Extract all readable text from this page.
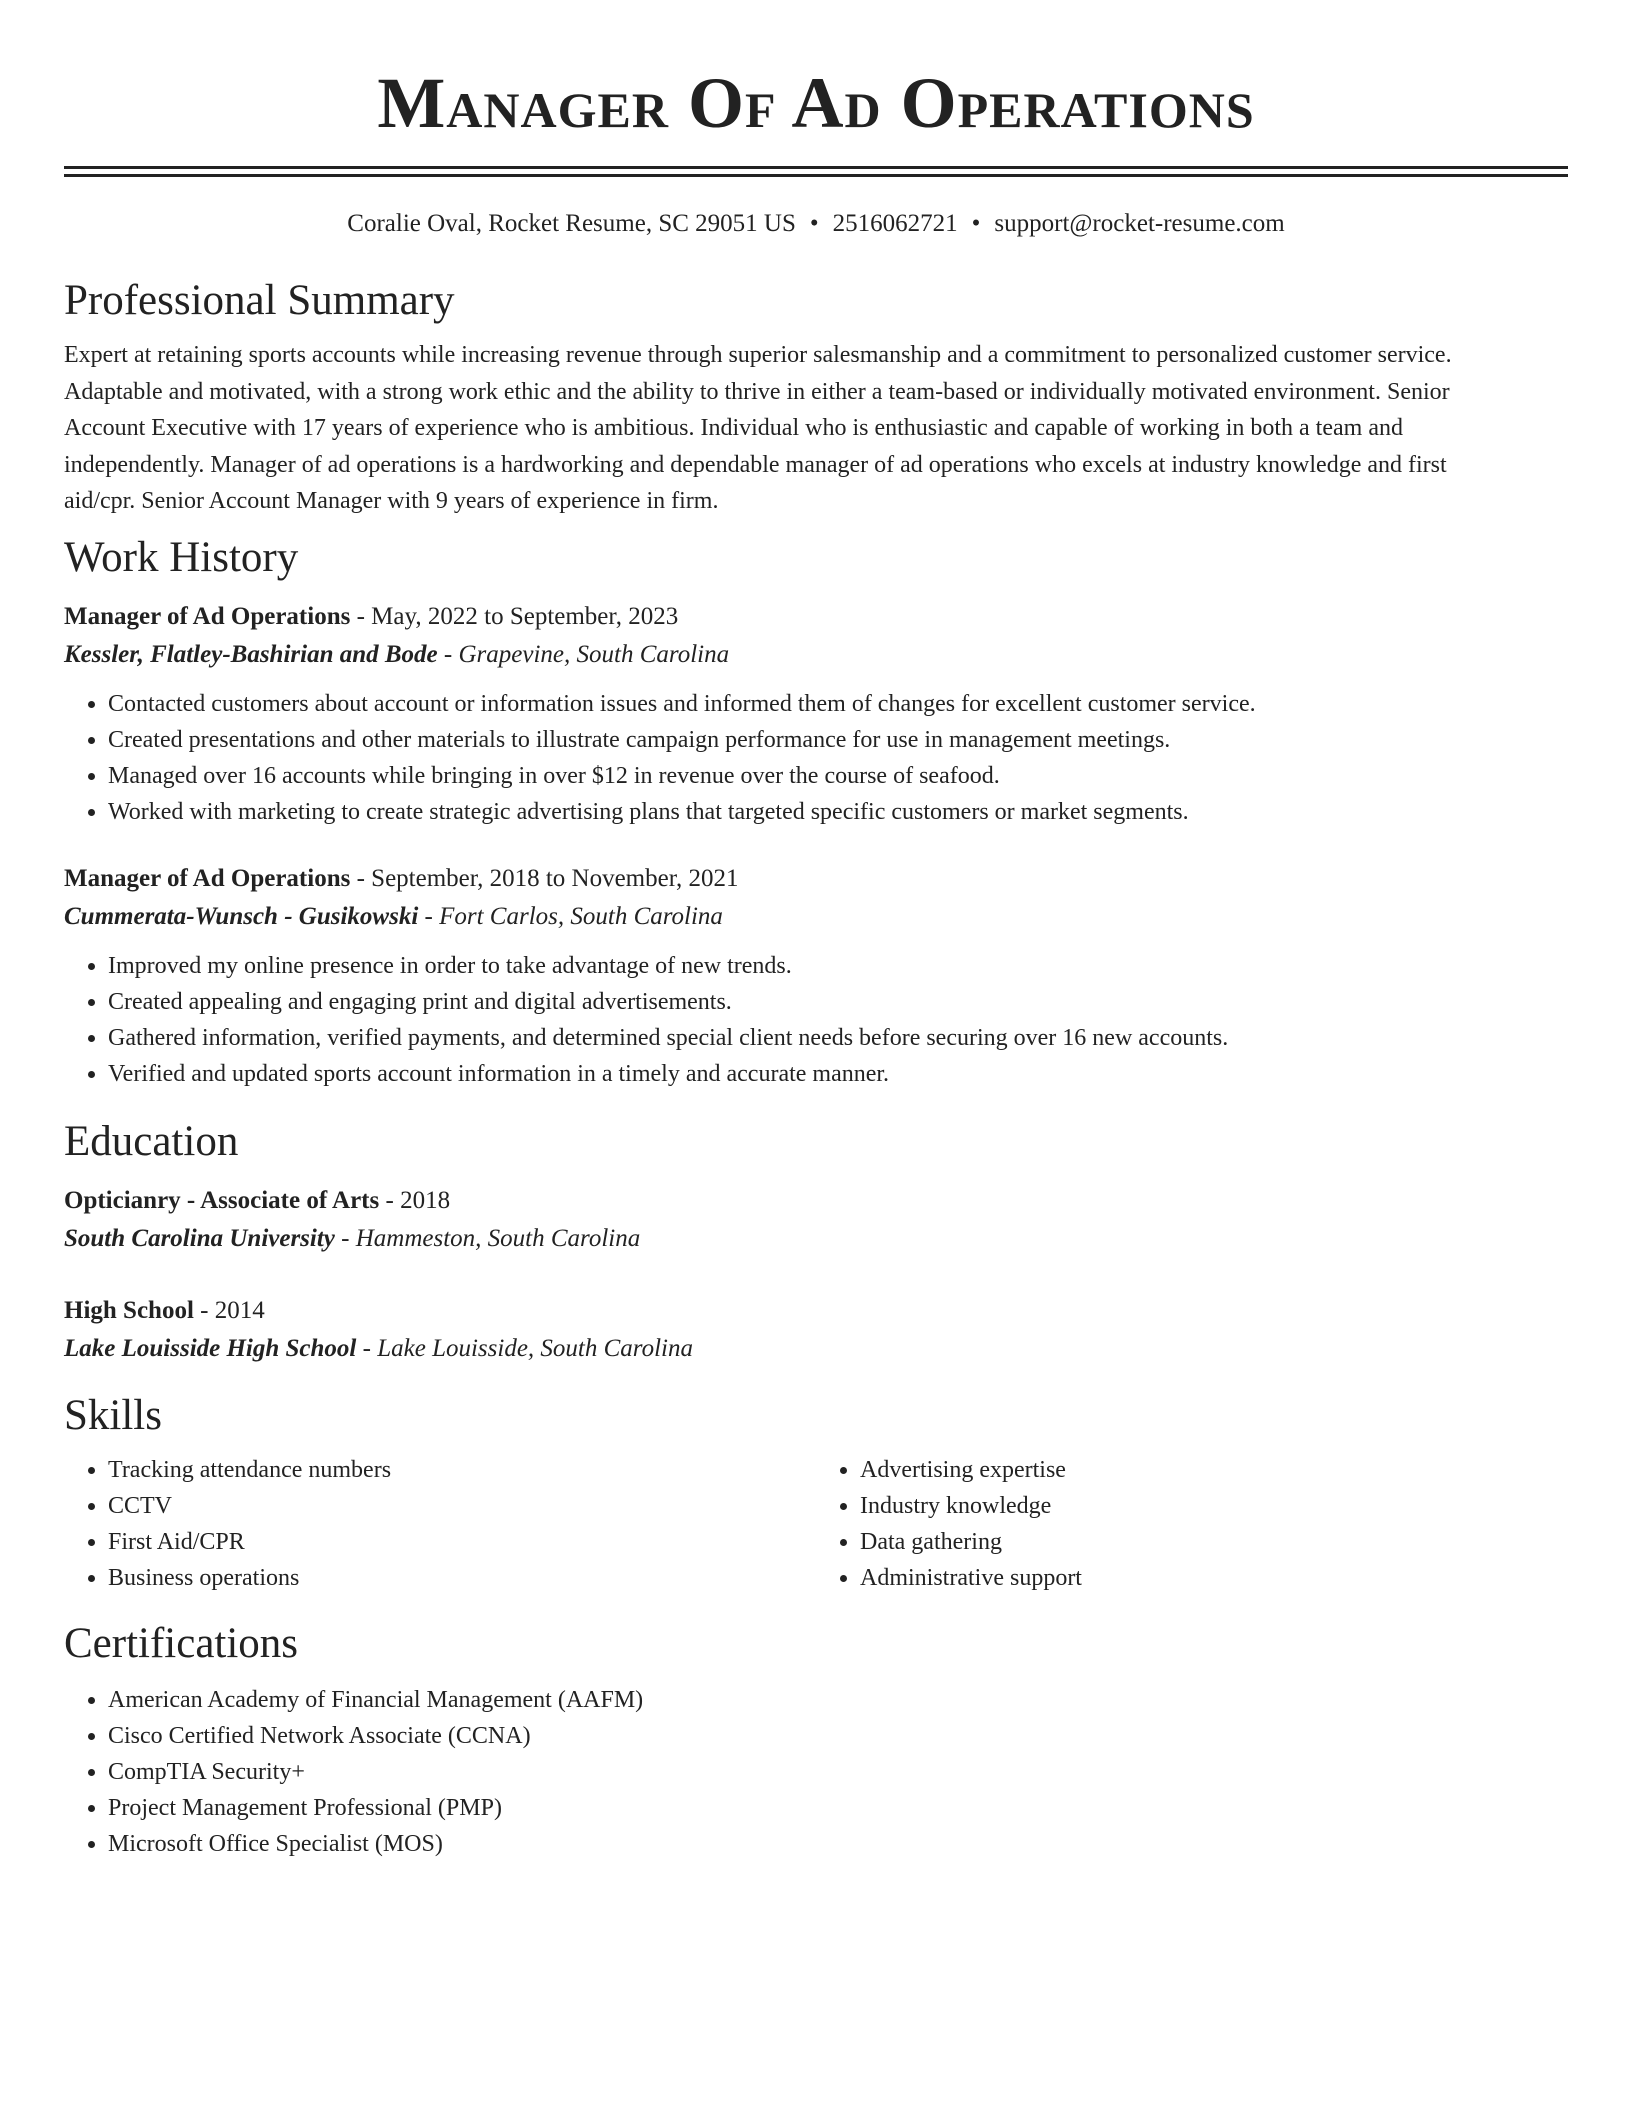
Manager Of Ad Operations
Coralie Oval, Rocket Resume, SC 29051 US • 2516062721 • support@rocket-resume.com
Professional Summary

Expert at retaining sports accounts while increasing revenue through superior salesmanship and a commitment to personalized customer service. Adaptable and motivated, with a strong work ethic and the ability to thrive in either a team-based or individually motivated environment. Senior Account Executive with 17 years of experience who is ambitious. Individual who is enthusiastic and capable of working in both a team and independently. Manager of ad operations is a hardworking and dependable manager of ad operations who excels at industry knowledge and first aid/cpr. Senior Account Manager with 9 years of experience in firm.

Work History
Manager of Ad Operations - May, 2022 to September, 2023
Kessler, Flatley-Bashirian and Bode - Grapevine, South Carolina
• Contacted customers about account or information issues and informed them of changes for excellent customer service.
• Created presentations and other materials to illustrate campaign performance for use in management meetings.
• Managed over 16 accounts while bringing in over $12 in revenue over the course of seafood.
• Worked with marketing to create strategic advertising plans that targeted specific customers or market segments.
Manager of Ad Operations - September, 2018 to November, 2021
Cummerata-Wunsch - Gusikowski - Fort Carlos, South Carolina
• Improved my online presence in order to take advantage of new trends.
• Created appealing and engaging print and digital advertisements.
• Gathered information, verified payments, and determined special client needs before securing over 16 new accounts.
• Verified and updated sports account information in a timely and accurate manner.
Education
Opticianry - Associate of Arts - 2018
South Carolina University - Hammeston, South Carolina
High School - 2014
Lake Louisside High School - Lake Louisside, South Carolina
Skills
• Tracking attendance numbers
• CCTV
• First Aid/CPR
• Business operations
• Advertising expertise
• Industry knowledge
• Data gathering
• Administrative support
Certifications
• American Academy of Financial Management (AAFM)
• Cisco Certified Network Associate (CCNA)
• CompTIA Security+
• Project Management Professional (PMP)
• Microsoft Office Specialist (MOS)
